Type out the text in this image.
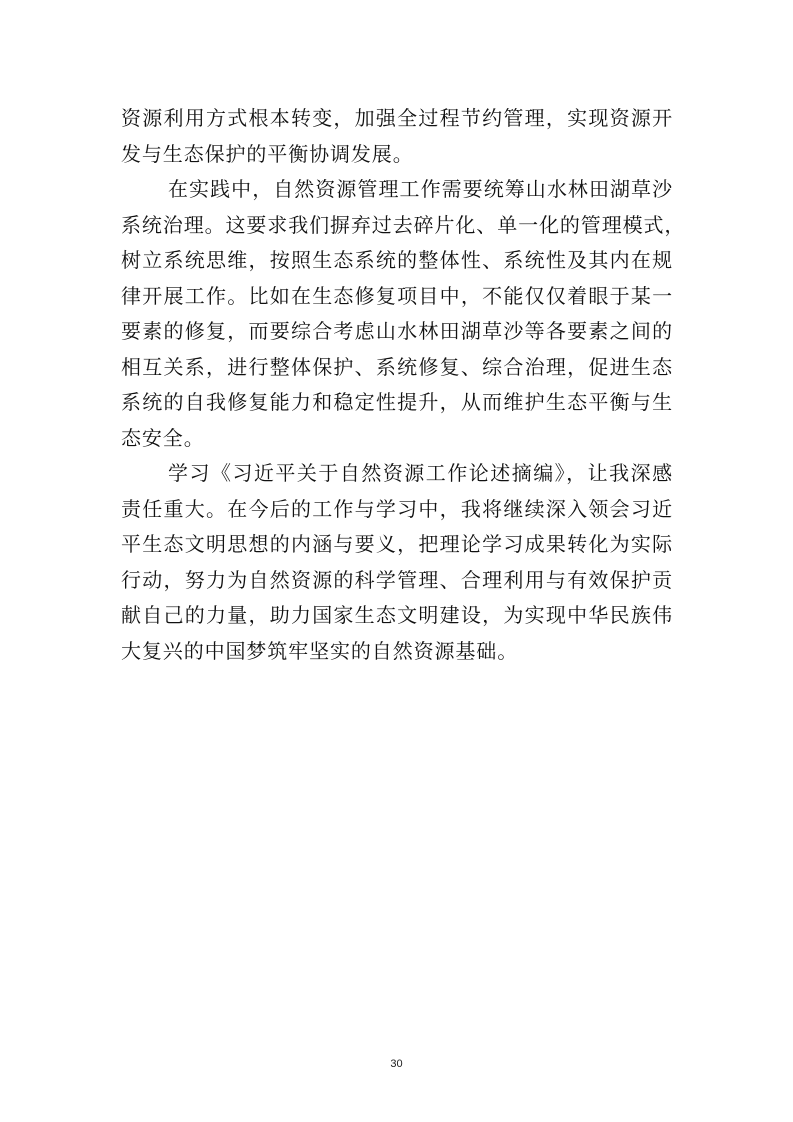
资源利用方式根本转变，加强全过程节约管理，实现资源开
发与生态保护的平衡协调发展。
在实践中，自然资源管理工作需要统筹山水林田湖草沙
系统治理。这要求我们摒弃过去碎片化、单一化的管理模式，
树立系统思维，按照生态系统的整体性、系统性及其内在规
律开展工作。比如在生态修复项目中，不能仅仅着眼于某一
要素的修复，而要综合考虑山水林田湖草沙等各要素之间的
相互关系，进行整体保护、系统修复、综合治理，促进生态
系统的自我修复能力和稳定性提升，从而维护生态平衡与生
态安全。
学习《习近平关于自然资源工作论述摘编》，让我深感
责任重大。在今后的工作与学习中，我将继续深入领会习近
平生态文明思想的内涵与要义，把理论学习成果转化为实际
行动，努力为自然资源的科学管理、合理利用与有效保护贡
献自己的力量，助力国家生态文明建设，为实现中华民族伟
大复兴的中国梦筑牢坚实的自然资源基础。
30
